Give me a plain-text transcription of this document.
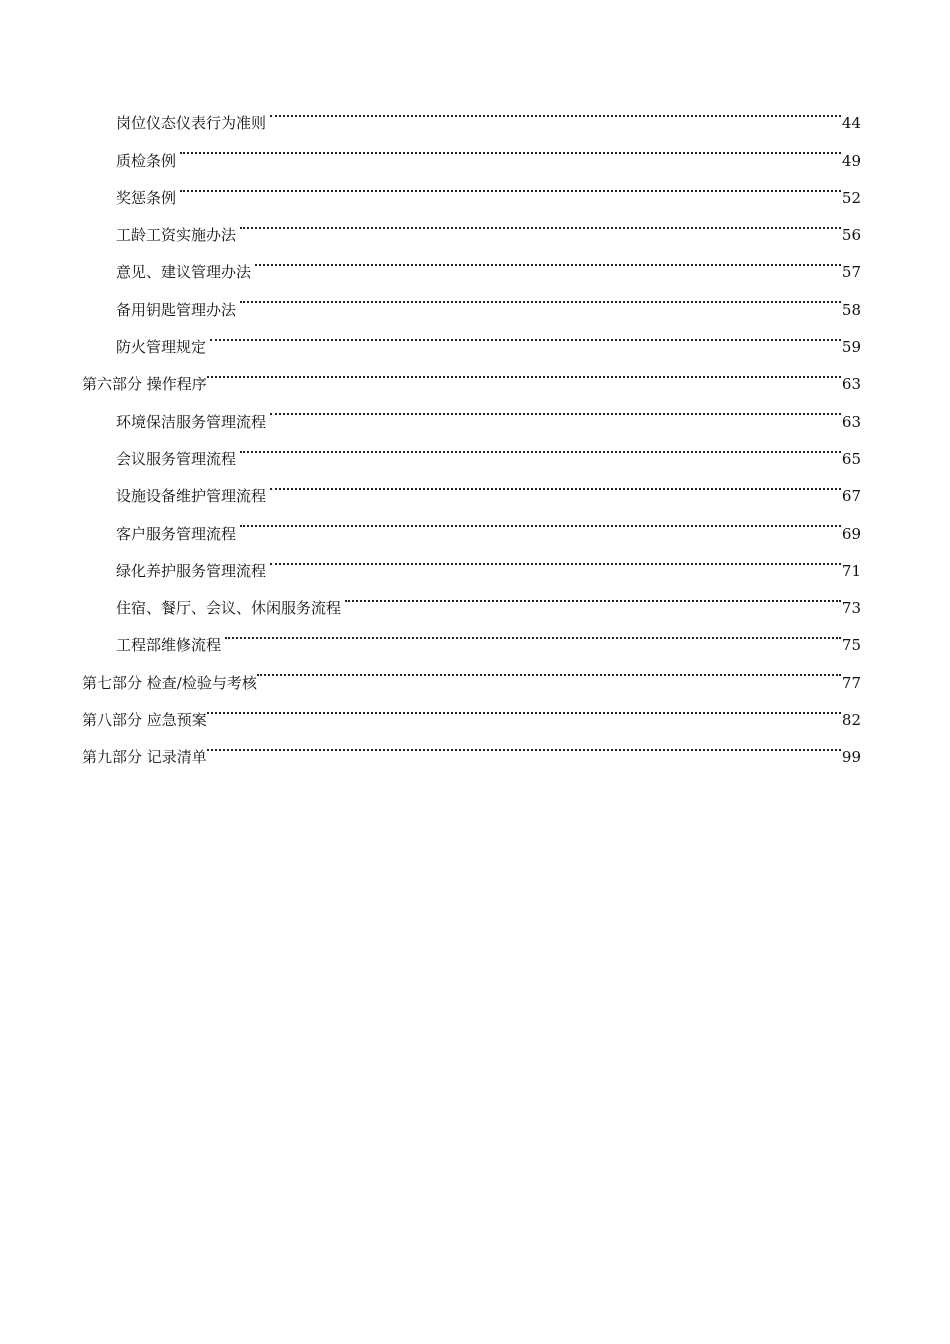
岗位仪态仪表行为准则	44
质检条例	49
奖惩条例	52
工龄工资实施办法	56
意见、建议管理办法	57
备用钥匙管理办法	58
防火管理规定	59
第六部分 操作程序	63
环境保洁服务管理流程	63
会议服务管理流程	65
设施设备维护管理流程	67
客户服务管理流程	69
绿化养护服务管理流程	71
住宿、餐厅、会议、休闲服务流程	73
工程部维修流程	75
第七部分 检查/检验与考核	77
第八部分 应急预案	82
第九部分 记录清单	99
